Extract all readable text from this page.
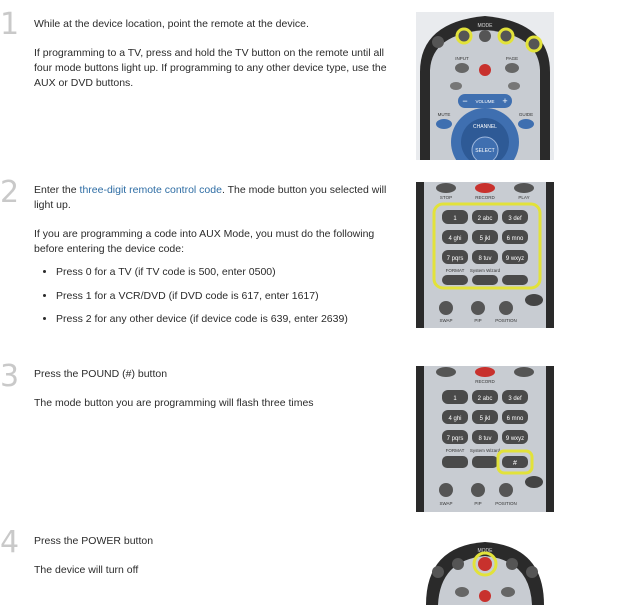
1 While at the device location, point the remote at the device.

If programming to a TV, press and hold the TV button on the remote until all four mode buttons light up. If programming to any other device type, use the AUX or DVD buttons.

MODE
INPUT	PAGE
VOLUME
−	+
MUTE	GUIDE
CHANNEL
SELECT
2 Enter the three-digit remote control code. The mode button you selected will light up.

If you are programming a code into AUX Mode, you must do the following before entering the device code:

• Press 0 for a TV (if TV code is 500, enter 0500)
• Press 1 for a VCR/DVD (if DVD code is 617, enter 1617)
• Press 2 for any other device (if device code is 639, enter 2639)
STOP	RECORD	PLAY
1	2 abc	3 def
4 ghi	5 jkl	6 mno
7 pqrs	8 tuv 9 wxyz
FORMAT System Wizard
SWAP	PIP	POSITION
3 Press the POUND (#) button

The mode button you are programming will flash three times

RECORD
1	2 abc	3 def
4 ghi	5 jkl	6 mno
7 pqrs	8 tuv 9 wxyz
FORMAT System Wizard
#
SWAP	PIP	POSITION
4 Press the POWER button

The device will turn off

MODE
